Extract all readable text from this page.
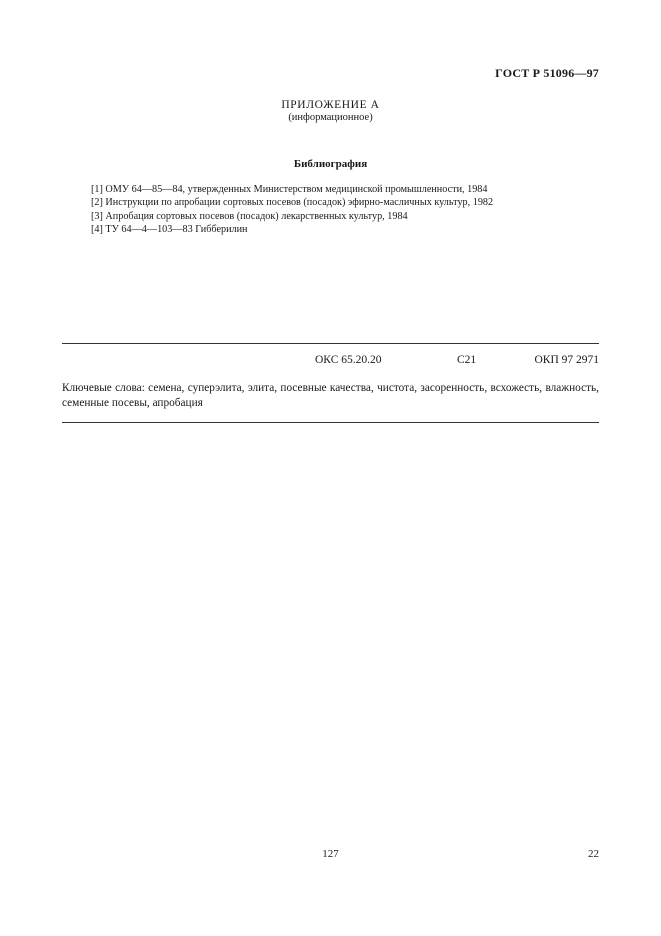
ГОСТ Р 51096—97
ПРИЛОЖЕНИЕ А
(информационное)
Библиография
[1] ОМУ 64—85—84, утвержденных Министерством медицинской промышленности, 1984
[2] Инструкции по апробации сортовых посевов (посадок) эфирно-масличных культур, 1982
[3] Апробация сортовых посевов (посадок) лекарственных культур, 1984
[4] ТУ 64—4—103—83 Гибберилин
ОКС 65.20.20	С21	ОКП 97 2971

Ключевые слова: семена, суперэлита, элита, посевные качества, чистота, засоренность, всхожесть, влажность, семенные посевы, апробация

127	22
